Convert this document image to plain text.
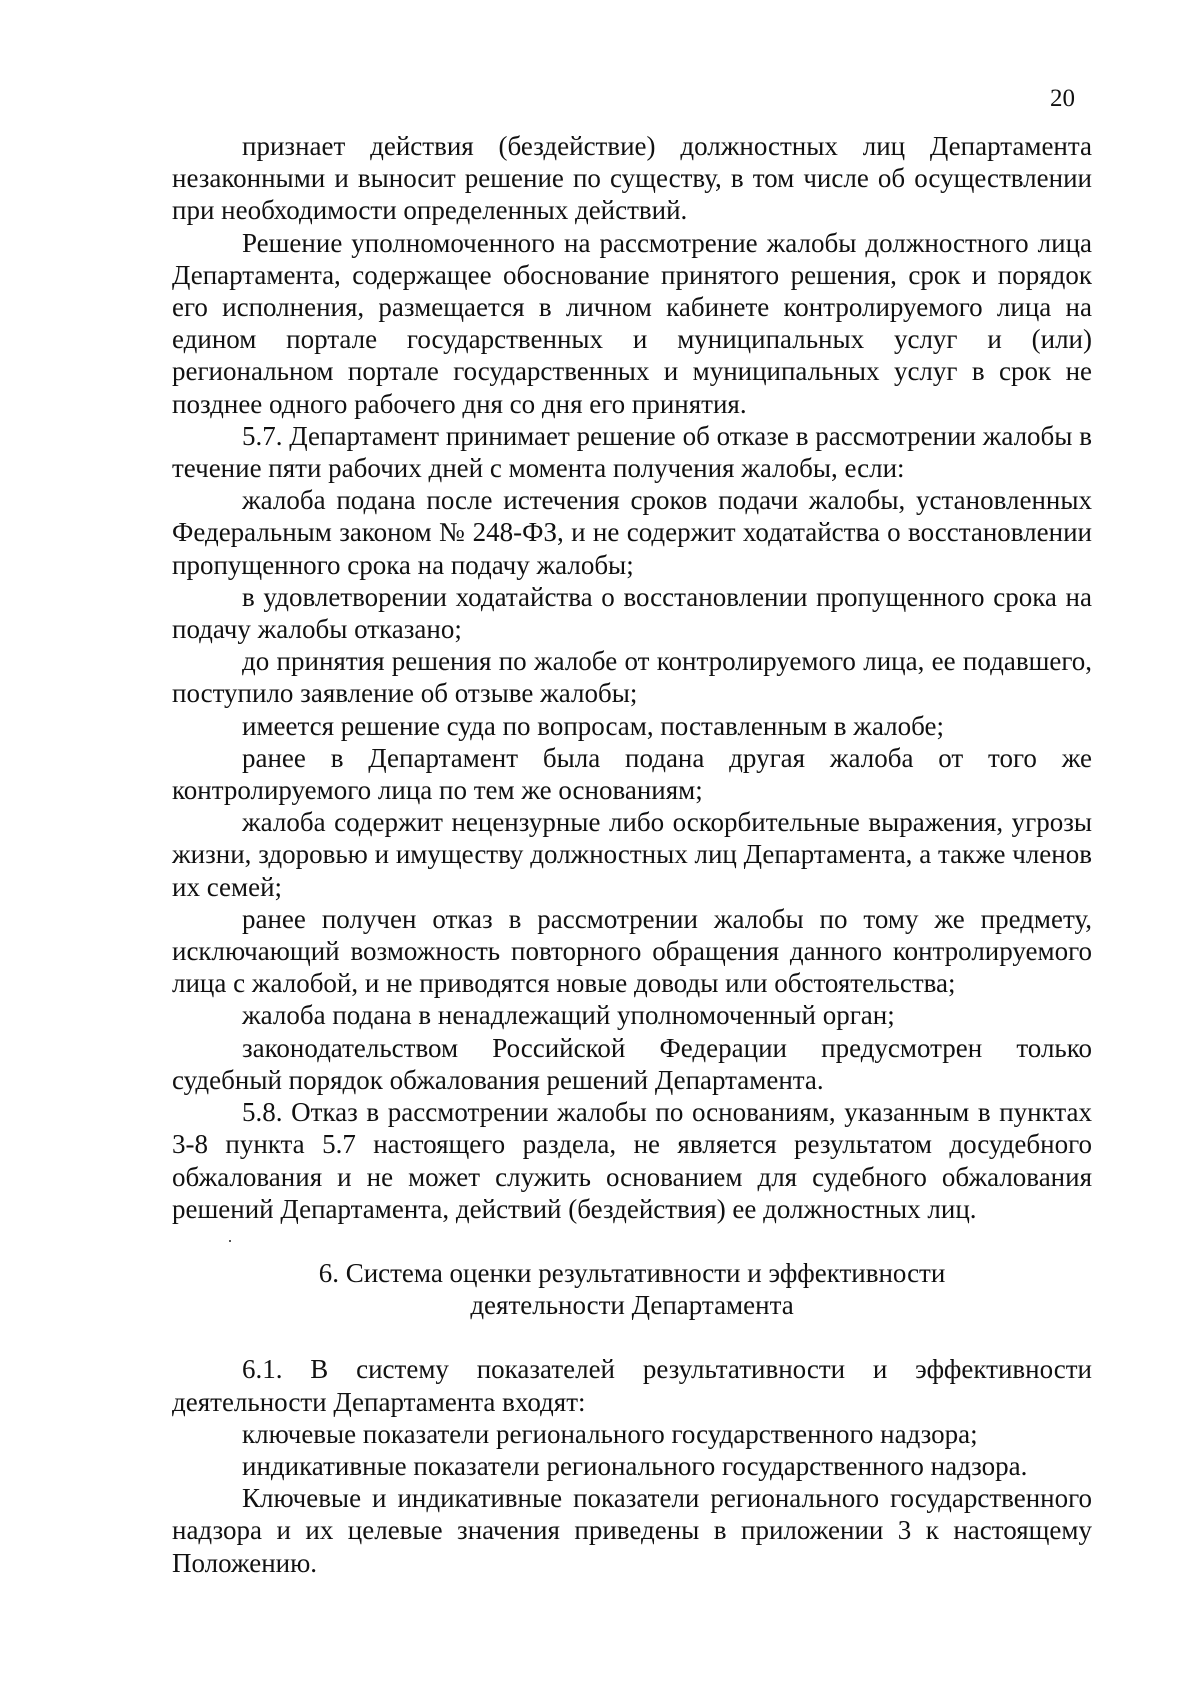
20

признает действия (бездействие) должностных лиц Департамента незаконными и выносит решение по существу, в том числе об осуществлении при необходимости определенных действий.

Решение уполномоченного на рассмотрение жалобы должностного лица Департамента, содержащее обоснование принятого решения, срок и порядок его исполнения, размещается в личном кабинете контролируемого лица на едином портале государственных и муниципальных услуг и (или) региональном портале государственных и муниципальных услуг в срок не позднее одного рабочего дня со дня его принятия.

5.7. Департамент принимает решение об отказе в рассмотрении жалобы в течение пяти рабочих дней с момента получения жалобы, если:

жалоба подана после истечения сроков подачи жалобы, установленных Федеральным законом № 248-ФЗ, и не содержит ходатайства о восстановлении пропущенного срока на подачу жалобы;

в удовлетворении ходатайства о восстановлении пропущенного срока на подачу жалобы отказано;

до принятия решения по жалобе от контролируемого лица, ее подавшего, поступило заявление об отзыве жалобы;

имеется решение суда по вопросам, поставленным в жалобе;

ранее в Департамент была подана другая жалоба от того же контролируемого лица по тем же основаниям;

жалоба содержит нецензурные либо оскорбительные выражения, угрозы жизни, здоровью и имуществу должностных лиц Департамента, а также членов их семей;

ранее получен отказ в рассмотрении жалобы по тому же предмету, исключающий возможность повторного обращения данного контролируемого лица с жалобой, и не приводятся новые доводы или обстоятельства;

жалоба подана в ненадлежащий уполномоченный орган;

законодательством Российской Федерации предусмотрен только судебный порядок обжалования решений Департамента.

5.8. Отказ в рассмотрении жалобы по основаниям, указанным в пунктах 3-8 пункта 5.7 настоящего раздела, не является результатом досудебного обжалования и не может служить основанием для судебного обжалования решений Департамента, действий (бездействия) ее должностных лиц.

6. Система оценки результативности и эффективности
деятельности Департамента

6.1. В систему показателей результативности и эффективности деятельности Департамента входят:

ключевые показатели регионального государственного надзора;

индикативные показатели регионального государственного надзора.

Ключевые и индикативные показатели регионального государственного надзора и их целевые значения приведены в приложении 3 к настоящему Положению.
